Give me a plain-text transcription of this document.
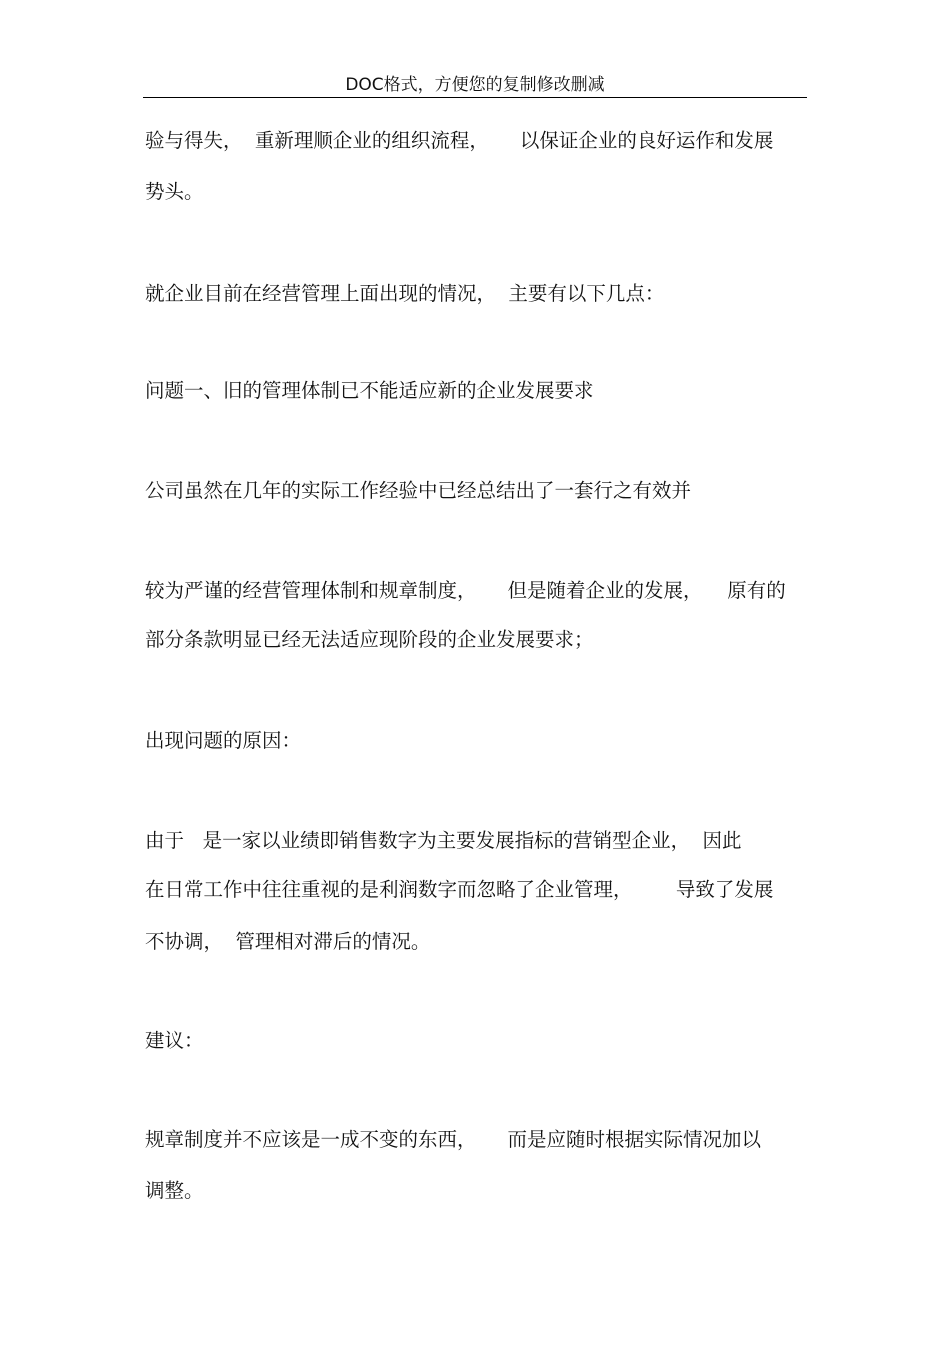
DOC格式，方便您的复制修改删减
验与得失，  重新理顺企业的组织流程，     以保证企业的良好运作和发展
势头。
就企业目前在经营管理上面出现的情况，  主要有以下几点：
问题一、旧的管理体制已不能适应新的企业发展要求
公司虽然在几年的实际工作经验中已经总结出了一套行之有效并
较为严谨的经营管理体制和规章制度，     但是随着企业的发展，    原有的
部分条款明显已经无法适应现阶段的企业发展要求；
出现问题的原因：
由于   是一家以业绩即销售数字为主要发展指标的营销型企业，  因此
在日常工作中往往重视的是利润数字而忽略了企业管理，       导致了发展
不协调，  管理相对滞后的情况。
建议：
规章制度并不应该是一成不变的东西，     而是应随时根据实际情况加以
调整。
